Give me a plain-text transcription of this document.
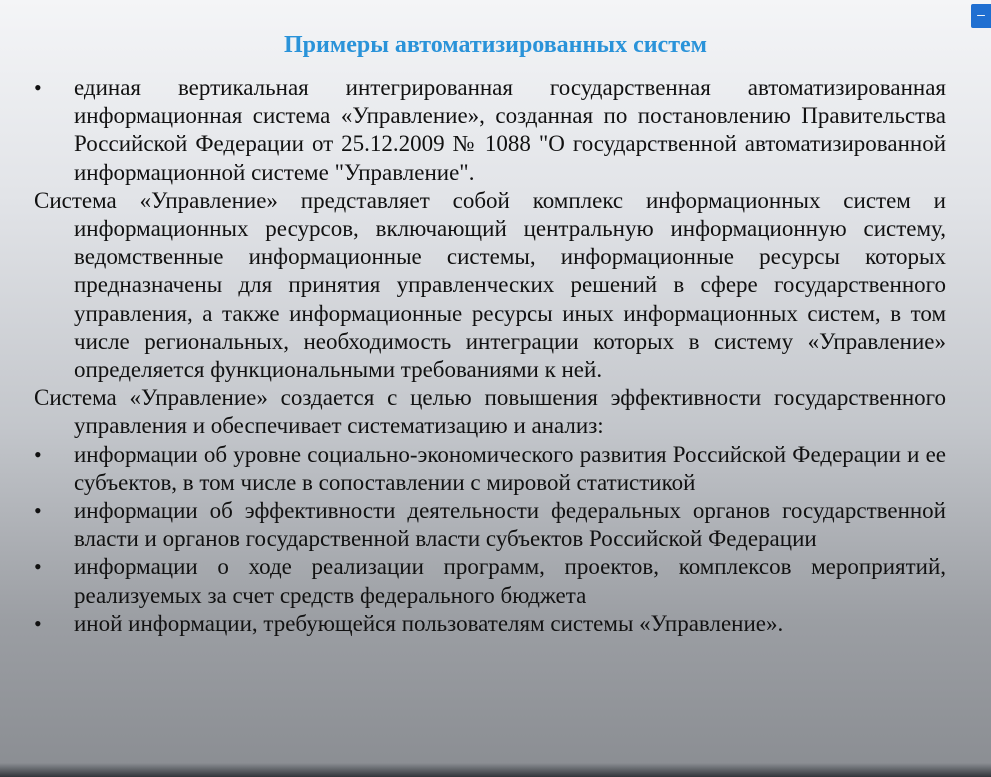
–
Примеры автоматизированных систем

• единая вертикальная интегрированная государственная автоматизированная информационная система «Управление», созданная по постановлению Правительства Российской Федерации от 25.12.2009 № 1088 "О государственной автоматизированной информационной системе "Управление".

Система «Управление» представляет собой комплекс информационных систем и информационных ресурсов, включающий центральную информационную систему, ведомственные информационные системы, информационные ресурсы которых предназначены для принятия управленческих решений в сфере государственного управления, а также информационные ресурсы иных информационных систем, в том числе региональных, необходимость интеграции которых в систему «Управление» определяется функциональными требованиями к ней.

Система «Управление» создается с целью повышения эффективности государственного управления и обеспечивает систематизацию и анализ:

• информации об уровне социально-экономического развития Российской Федерации и ее субъектов, в том числе в сопоставлении с мировой статистикой

• информации об эффективности деятельности федеральных органов государственной власти и органов государственной власти субъектов Российской Федерации

• информации о ходе реализации программ, проектов, комплексов мероприятий, реализуемых за счет средств федерального бюджета

• иной информации, требующейся пользователям системы «Управление».
